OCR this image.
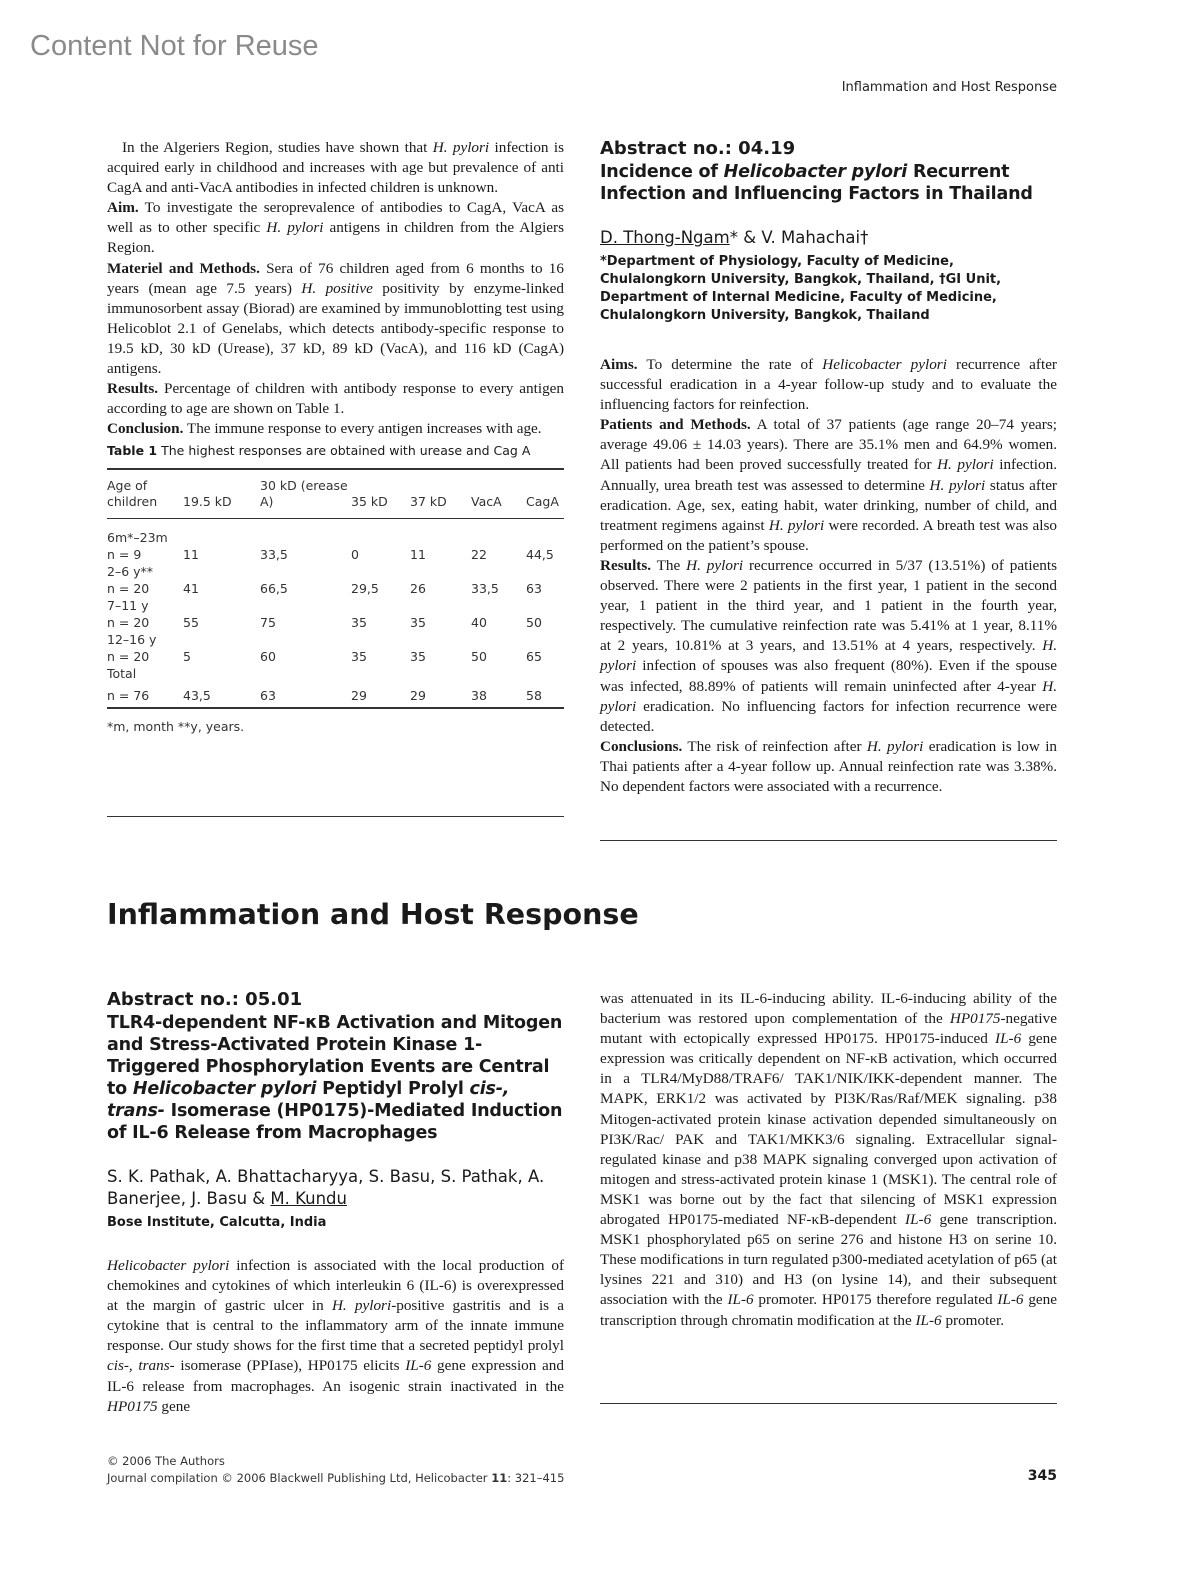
Content Not for Reuse
Inflammation and Host Response

In the Algeriers Region, studies have shown that H. pylori infection is acquired early in childhood and increases with age but prevalence of anti CagA and anti-VacA antibodies in infected children is unknown.

Aim. To investigate the seroprevalence of antibodies to CagA, VacA as well as to other specific H. pylori antigens in children from the Algiers Region.

Materiel and Methods. Sera of 76 children aged from 6 months to 16 years (mean age 7.5 years) H. positive positivity by enzyme-linked immunosorbent assay (Biorad) are examined by immunoblotting test using Helicoblot 2.1 of Genelabs, which detects antibody-specific response to 19.5 kD, 30 kD (Urease), 37 kD, 89 kD (VacA), and 116 kD (CagA) antigens.

Results. Percentage of children with antibody response to every antigen according to age are shown on Table 1.

Conclusion. The immune response to every antigen increases with age.

Table 1 The highest responses are obtained with urease and Cag A
Age of children	19.5 kD	30 kD (erease A)	35 kD	37 kD	VacA	CagA
6m*–23m						
n = 9	11	33,5	0	11	22	44,5
2–6 y**						
n = 20	41	66,5	29,5	26	33,5	63
7–11 y						
n = 20	55	75	35	35	40	50
12–16 y						
n = 20	5	60	35	35	50	65
Total						
n = 76	43,5	63	29	29	38	58
*m, month **y, years.
Abstract no.: 04.19
Incidence of Helicobacter pylori Recurrent Infection and Influencing Factors in Thailand
D. Thong-Ngam* & V. Mahachai†

*Department of Physiology, Faculty of Medicine, Chulalongkorn University, Bangkok, Thailand, †GI Unit, Department of Internal Medicine, Faculty of Medicine, Chulalongkorn University, Bangkok, Thailand

Aims. To determine the rate of Helicobacter pylori recurrence after successful eradication in a 4-year follow-up study and to evaluate the influencing factors for reinfection.

Patients and Methods. A total of 37 patients (age range 20–74 years; average 49.06 ± 14.03 years). There are 35.1% men and 64.9% women. All patients had been proved successfully treated for H. pylori infection. Annually, urea breath test was assessed to determine H. pylori status after eradication. Age, sex, eating habit, water drinking, number of child, and treatment regimens against H. pylori were recorded. A breath test was also performed on the patient’s spouse.

Results. The H. pylori recurrence occurred in 5/37 (13.51%) of patients observed. There were 2 patients in the first year, 1 patient in the second year, 1 patient in the third year, and 1 patient in the fourth year, respectively. The cumulative reinfection rate was 5.41% at 1 year, 8.11% at 2 years, 10.81% at 3 years, and 13.51% at 4 years, respectively. H. pylori infection of spouses was also frequent (80%). Even if the spouse was infected, 88.89% of patients will remain uninfected after 4-year H. pylori eradication. No influencing factors for infection recurrence were detected.

Conclusions. The risk of reinfection after H. pylori eradication is low in Thai patients after a 4-year follow up. Annual reinfection rate was 3.38%. No dependent factors were associated with a recurrence.

Inflammation and Host Response
Abstract no.: 05.01
TLR4-dependent NF-κB Activation and Mitogen and Stress-Activated Protein Kinase 1-Triggered Phosphorylation Events are Central to Helicobacter pylori Peptidyl Prolyl cis-, trans- Isomerase (HP0175)-Mediated Induction of IL-6 Release from Macrophages
S. K. Pathak, A. Bhattacharyya, S. Basu, S. Pathak, A. Banerjee, J. Basu & M. Kundu

Bose Institute, Calcutta, India

Helicobacter pylori infection is associated with the local production of chemokines and cytokines of which interleukin 6 (IL-6) is overexpressed at the margin of gastric ulcer in H. pylori-positive gastritis and is a cytokine that is central to the inflammatory arm of the innate immune response. Our study shows for the first time that a secreted peptidyl prolyl cis-, trans- isomerase (PPIase), HP0175 elicits IL-6 gene expression and IL-6 release from macrophages. An isogenic strain inactivated in the HP0175 gene

was attenuated in its IL-6-inducing ability. IL-6-inducing ability of the bacterium was restored upon complementation of the HP0175-negative mutant with ectopically expressed HP0175. HP0175-induced IL-6 gene expression was critically dependent on NF-κB activation, which occurred in a TLR4/MyD88/TRAF6/ TAK1/NIK/IKK-dependent manner. The MAPK, ERK1/2 was activated by PI3K/Ras/Raf/MEK signaling. p38 Mitogen-activated protein kinase activation depended simultaneously on PI3K/Rac/ PAK and TAK1/MKK3/6 signaling. Extracellular signal-regulated kinase and p38 MAPK signaling converged upon activation of mitogen and stress-activated protein kinase 1 (MSK1). The central role of MSK1 was borne out by the fact that silencing of MSK1 expression abrogated HP0175-mediated NF-κB-dependent IL-6 gene transcription. MSK1 phosphorylated p65 on serine 276 and histone H3 on serine 10. These modifications in turn regulated p300-mediated acetylation of p65 (at lysines 221 and 310) and H3 (on lysine 14), and their subsequent association with the IL-6 promoter. HP0175 therefore regulated IL-6 gene transcription through chromatin modification at the IL-6 promoter.

© 2006 The Authors
Journal compilation © 2006 Blackwell Publishing Ltd, Helicobacter 11: 321–415	345
